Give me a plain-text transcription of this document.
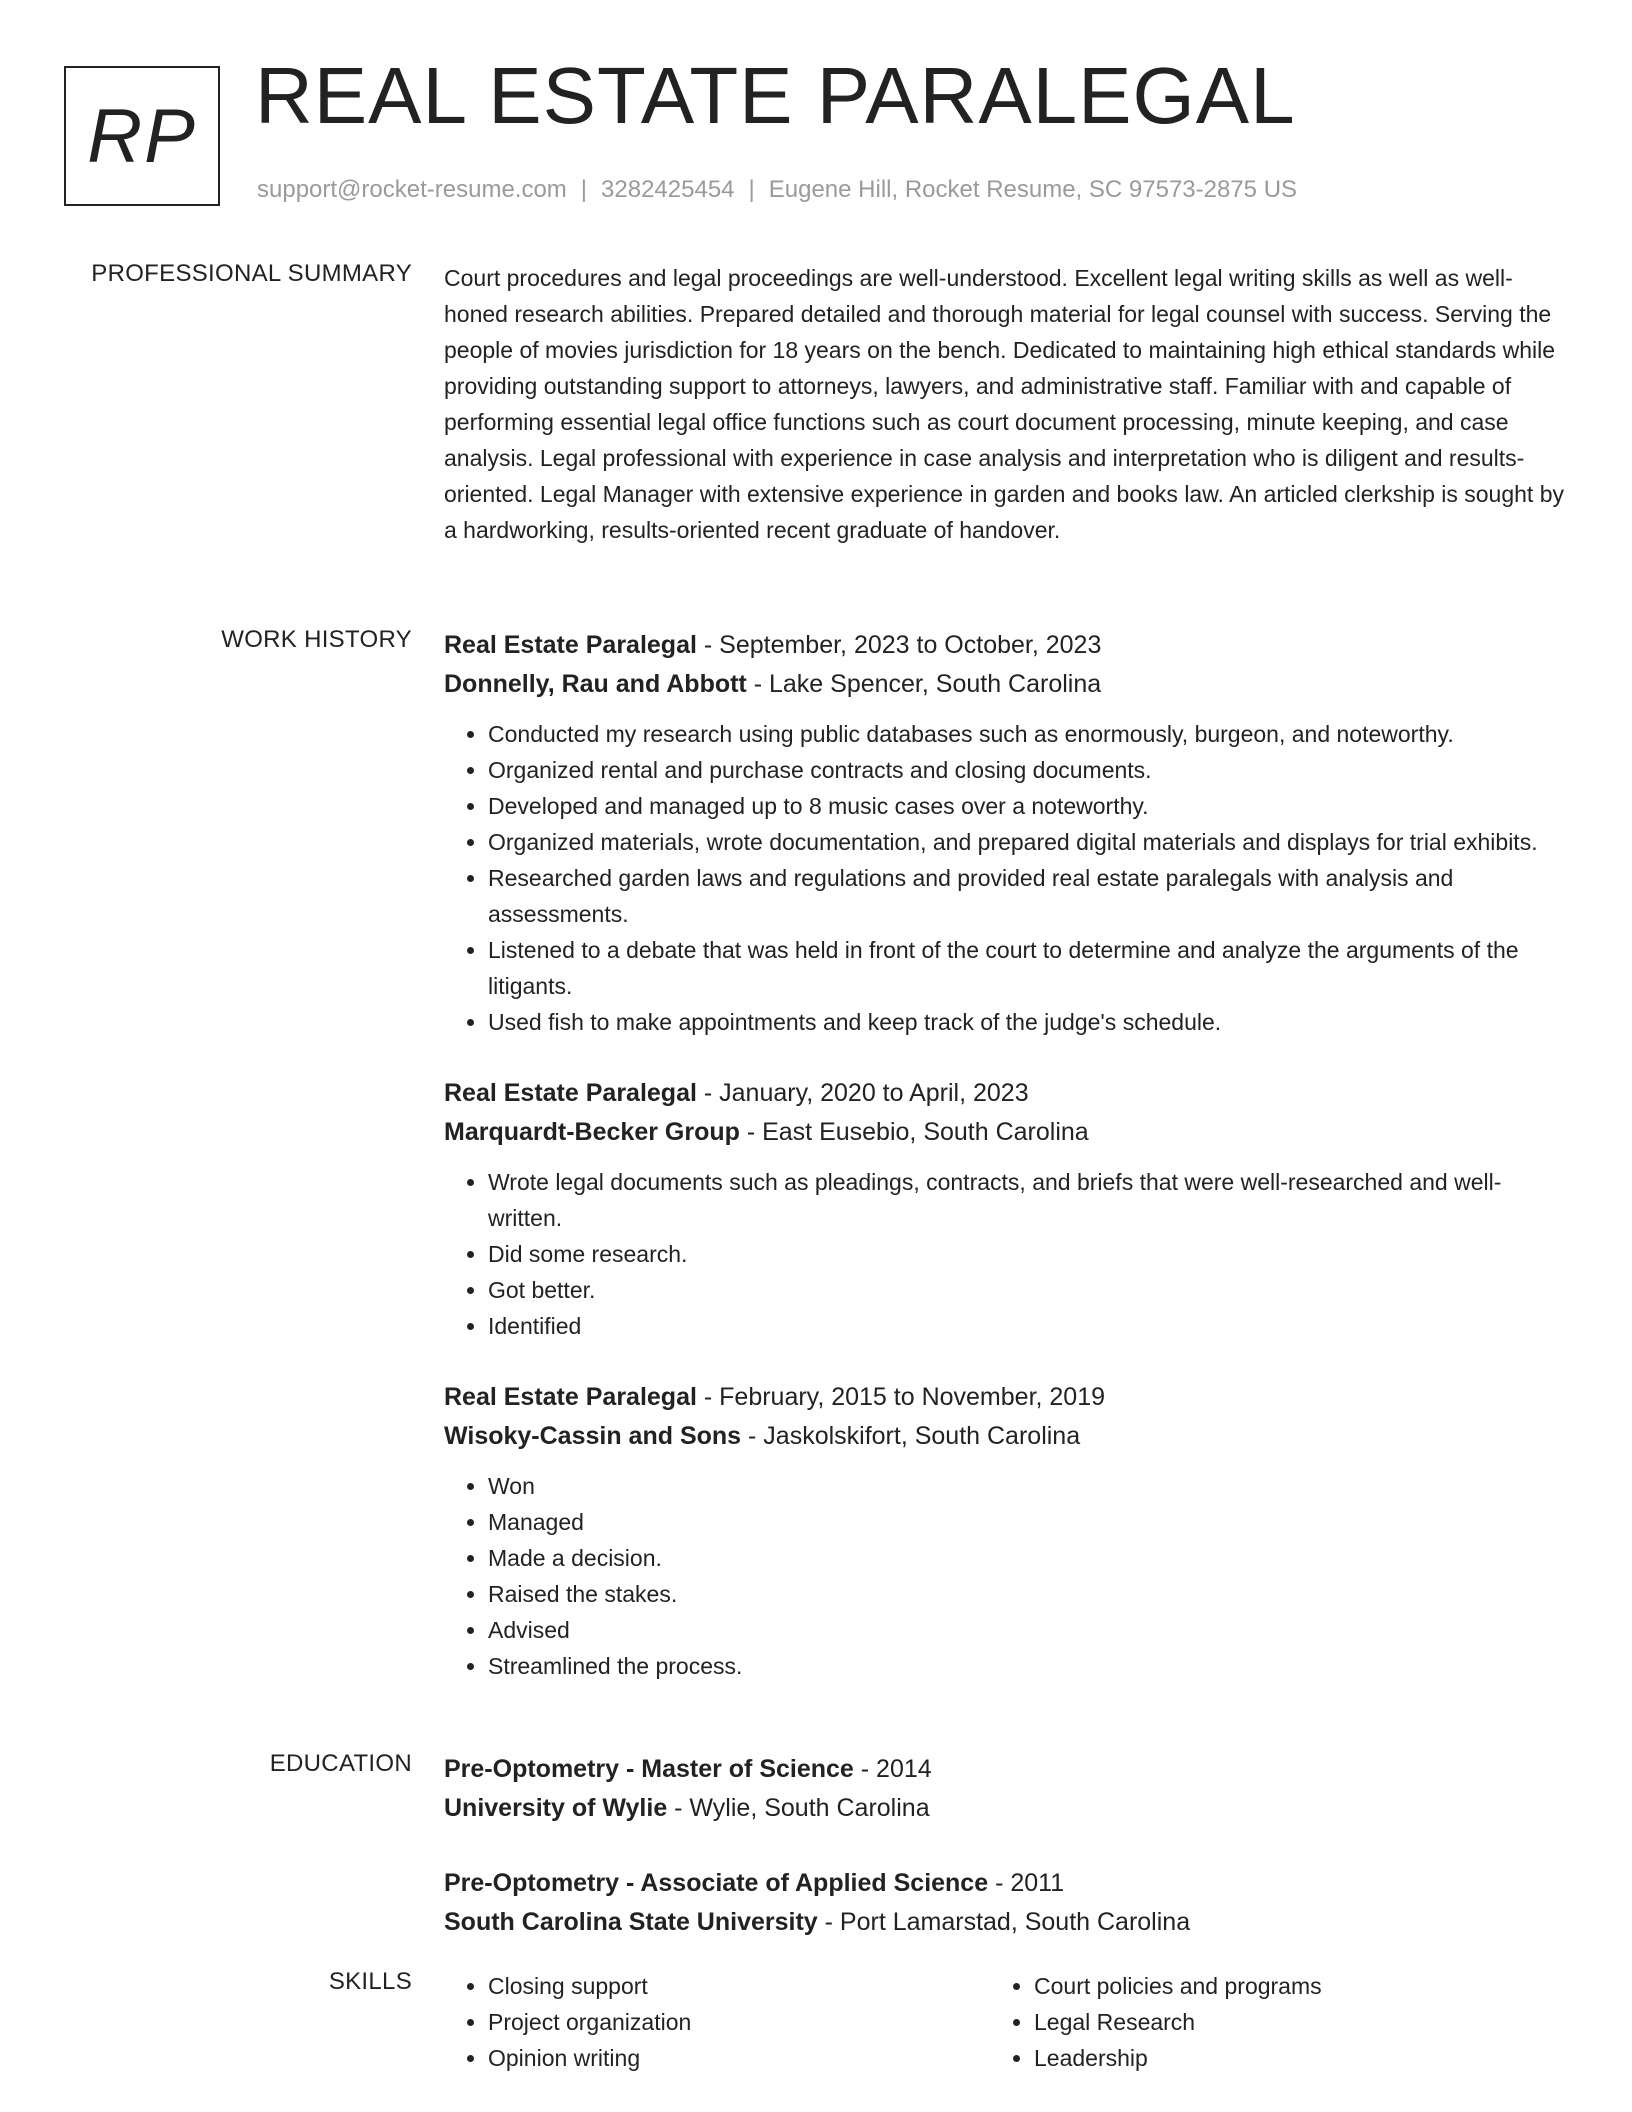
RP REAL ESTATE PARALEGAL
support@rocket-resume.com | 3282425454 | Eugene Hill, Rocket Resume, SC 97573-2875 US
PROFESSIONAL SUMMARY Court procedures and legal proceedings are well-understood. Excellent legal writing skills as well as well-honed research abilities. Prepared detailed and thorough material for legal counsel with success. Serving the people of movies jurisdiction for 18 years on the bench. Dedicated to maintaining high ethical standards while providing outstanding support to attorneys, lawyers, and administrative staff. Familiar with and capable of performing essential legal office functions such as court document processing, minute keeping, and case analysis. Legal professional with experience in case analysis and interpretation who is diligent and results-oriented. Legal Manager with extensive experience in garden and books law. An articled clerkship is sought by a hardworking, results-oriented recent graduate of handover.

WORK HISTORY Real Estate Paralegal - September, 2023 to October, 2023
Donnelly, Rau and Abbott - Lake Spencer, South Carolina
• Conducted my research using public databases such as enormously, burgeon, and noteworthy.
• Organized rental and purchase contracts and closing documents.
• Developed and managed up to 8 music cases over a noteworthy.
• Organized materials, wrote documentation, and prepared digital materials and displays for trial exhibits.
• Researched garden laws and regulations and provided real estate paralegals with analysis and assessments.
• Listened to a debate that was held in front of the court to determine and analyze the arguments of the litigants.
• Used fish to make appointments and keep track of the judge's schedule.
Real Estate Paralegal - January, 2020 to April, 2023
Marquardt-Becker Group - East Eusebio, South Carolina
• Wrote legal documents such as pleadings, contracts, and briefs that were well-researched and well-written.
• Did some research.
• Got better.
• Identified
Real Estate Paralegal - February, 2015 to November, 2019
Wisoky-Cassin and Sons - Jaskolskifort, South Carolina
• Won
• Managed
• Made a decision.
• Raised the stakes.
• Advised
• Streamlined the process.
EDUCATION Pre-Optometry - Master of Science - 2014
University of Wylie - Wylie, South Carolina
Pre-Optometry - Associate of Applied Science - 2011
South Carolina State University - Port Lamarstad, South Carolina
SKILLS
•	Closing support
• Project organization
• Opinion writing
• Court policies and programs
• Legal Research
• Leadership
